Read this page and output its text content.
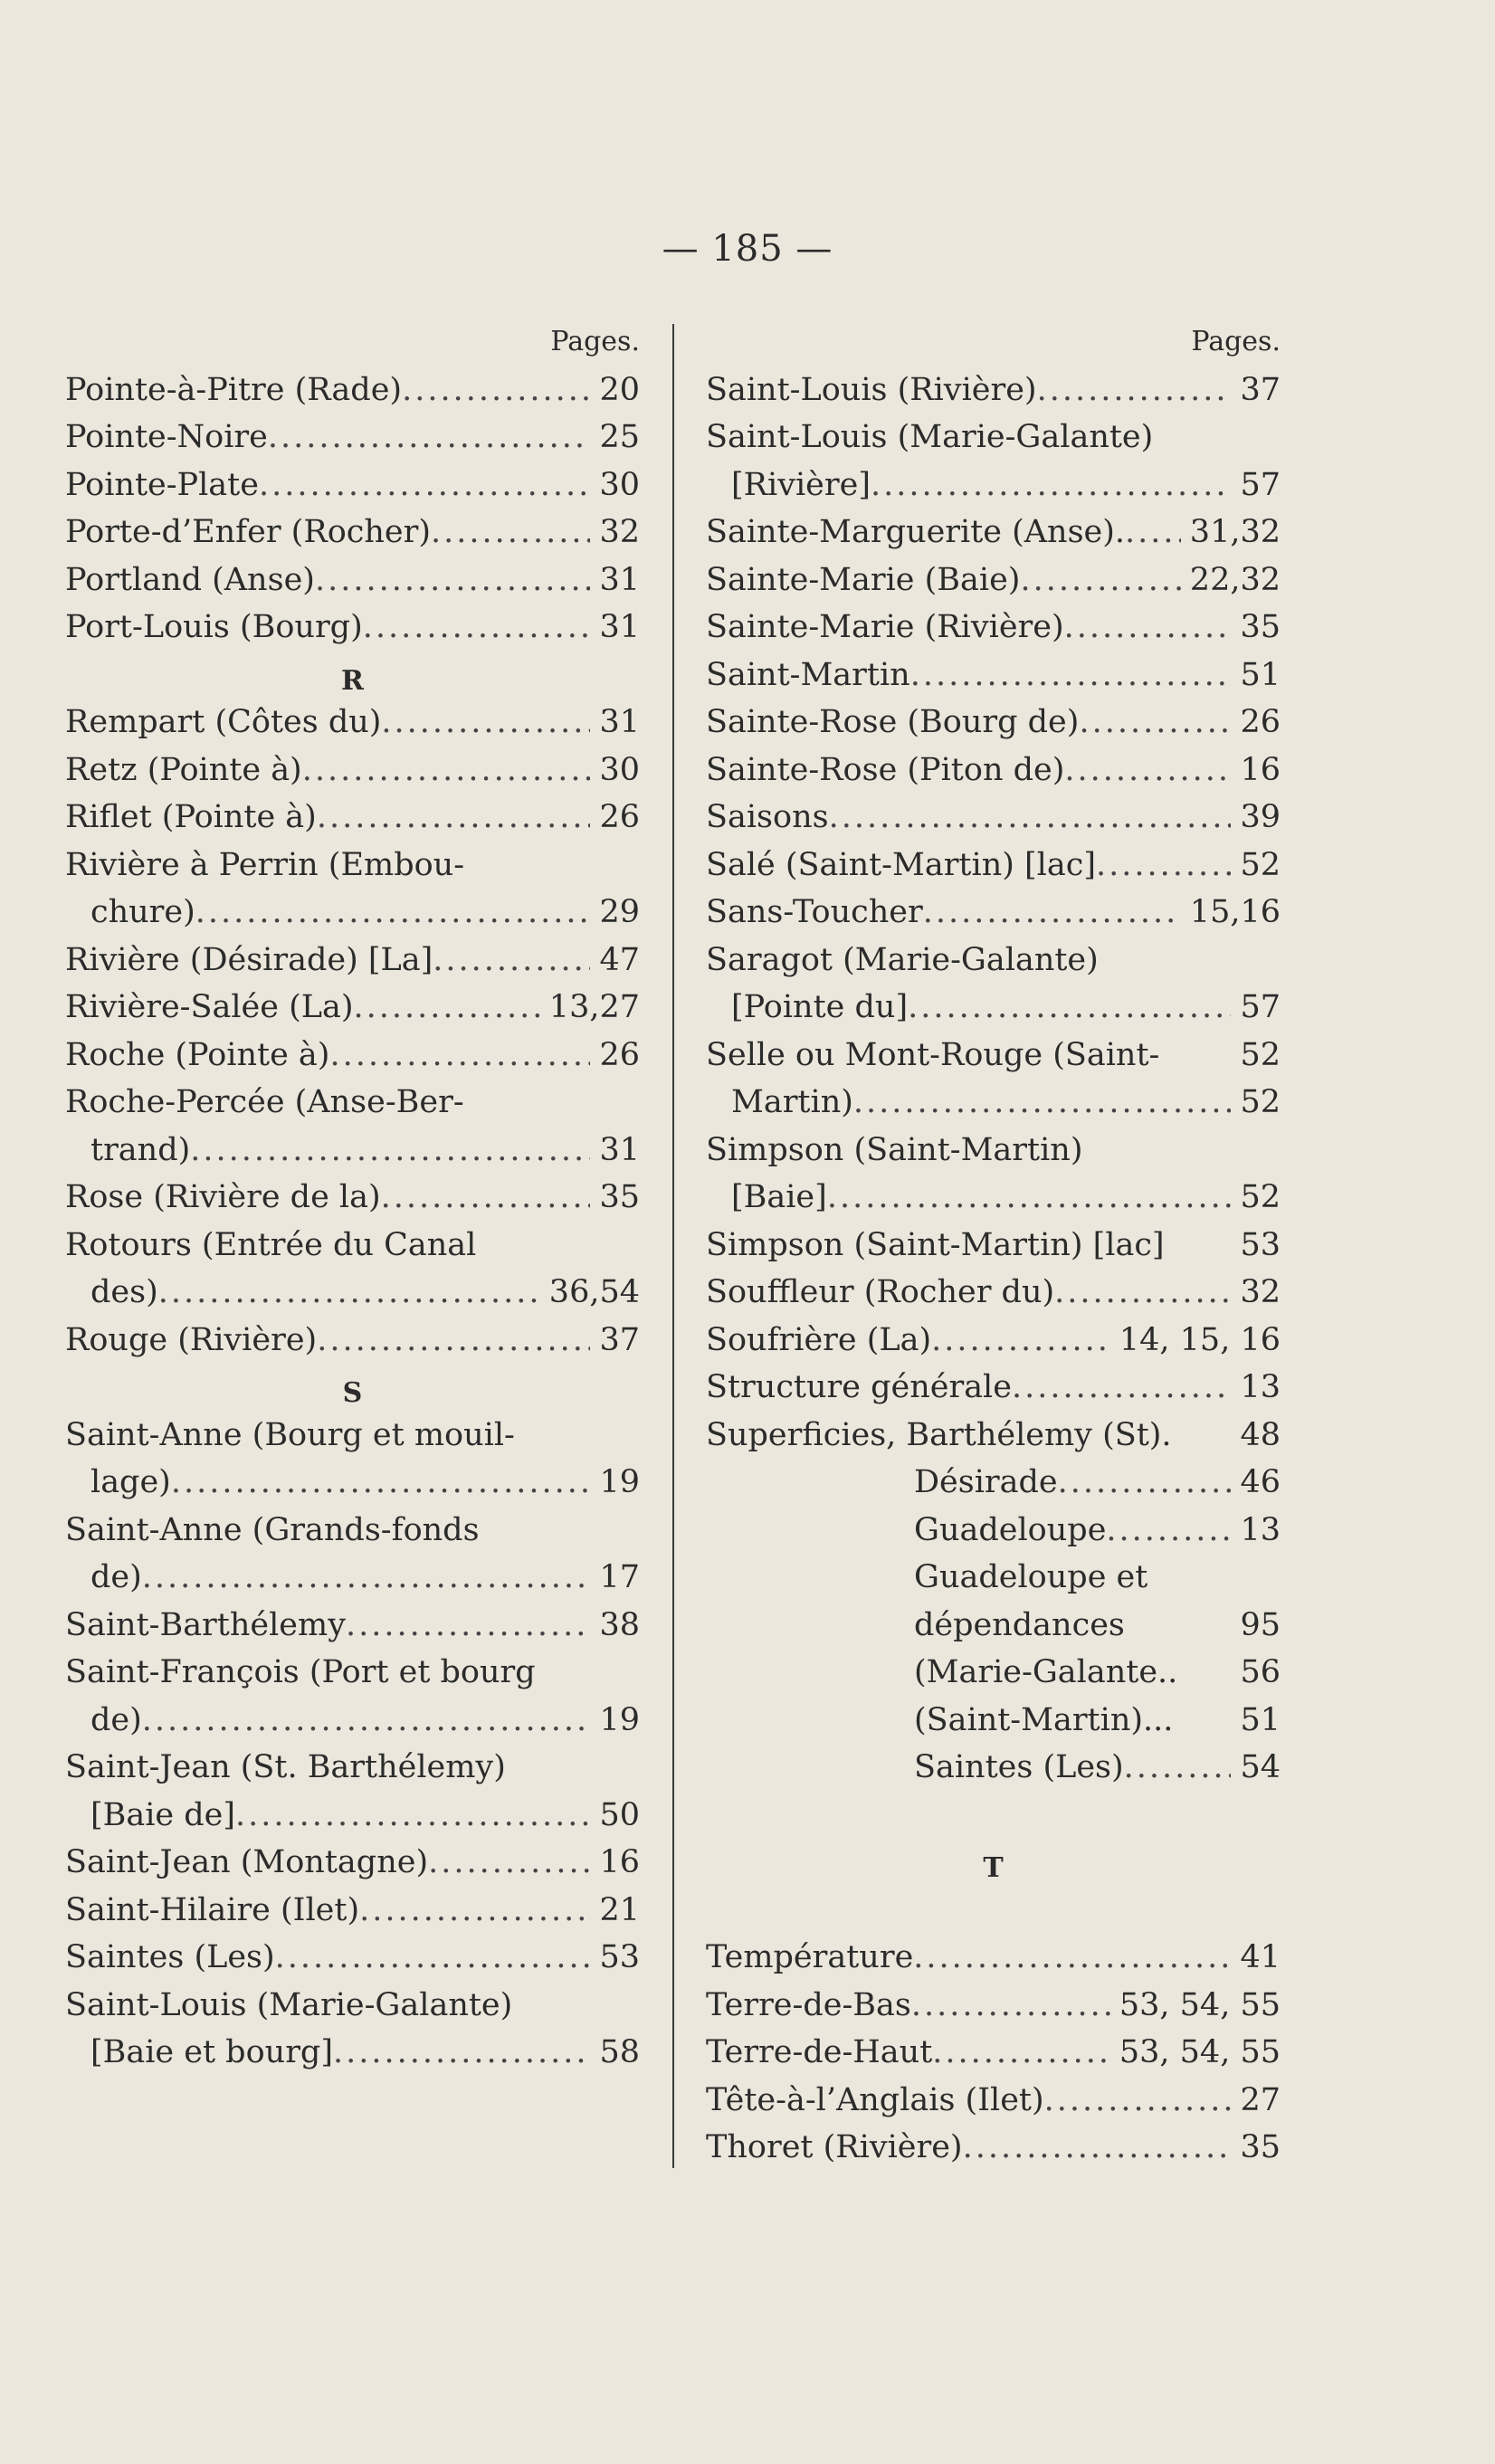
— 185 —
Pages.
Pointe-à-Pitre (Rade) .....	20
Pointe-Noire .....	25
Pointe-Plate .....	30
Porte-d’Enfer (Rocher) .....	32
Portland (Anse) .....	31
Port-Louis (Bourg) .....	31
R
Rempart (Côtes du) .....	31
Retz (Pointe à) .....	30
Riflet (Pointe à) .....	26
Rivière à Perrin (Embou-
chure) .....	29
Rivière (Désirade) [La] .....	47
Rivière-Salée (La) .....	13,27
Roche (Pointe à) .....	26
Roche-Percée (Anse-Ber-
trand) .....	31
Rose (Rivière de la) .....	35
Rotours (Entrée du Canal
des) .....	36,54
Rouge (Rivière) .....	37
S
Saint-Anne (Bourg et mouil-
lage) .....	19
Saint-Anne (Grands-fonds
de) .....	17
Saint-Barthélemy .....	38
Saint-François (Port et bourg
de) .....	19
Saint-Jean (St. Barthélemy)
[Baie de] .....	50
Saint-Jean (Montagne) .....	16
Saint-Hilaire (Ilet) .....	21
Saintes (Les) .....	53
Saint-Louis (Marie-Galante)
[Baie et bourg] .....	58
Pages.
Saint-Louis (Rivière) .....	37
Saint-Louis (Marie-Galante)
[Rivière] .....	57
Sainte-Marguerite (Anse). ..... 31,32
Sainte-Marie (Baie) .....	22,32
Sainte-Marie (Rivière) .....	35
Saint-Martin .....	51
Sainte-Rose (Bourg de) .....	26
Sainte-Rose (Piton de) .....	16
Saisons .....	39
Salé (Saint-Martin) [lac] .....	52
Sans-Toucher .....	15,16
Saragot (Marie-Galante)
[Pointe du] .....	57
Selle ou Mont-Rouge (Saint-	52
Martin) .....	52
Simpson (Saint-Martin)
[Baie] .....	52
Simpson (Saint-Martin) [lac] 53
Souffleur (Rocher du) .....	32
Soufrière (La) .....	14, 15, 16
Structure générale .....	13
Superficies, Barthélemy (St). 48
Désirade .....	46
Guadeloupe .....	13
Guadeloupe et
dépendances	95
(Marie-Galante.. 56
(Saint-Martin)... 51
Saintes (Les) .....	54
T
Température .....	41
Terre-de-Bas .....	53, 54, 55
Terre-de-Haut .....	53, 54, 55
Tête-à-l’Anglais (Ilet) .....	27
Thoret (Rivière) .....	35
